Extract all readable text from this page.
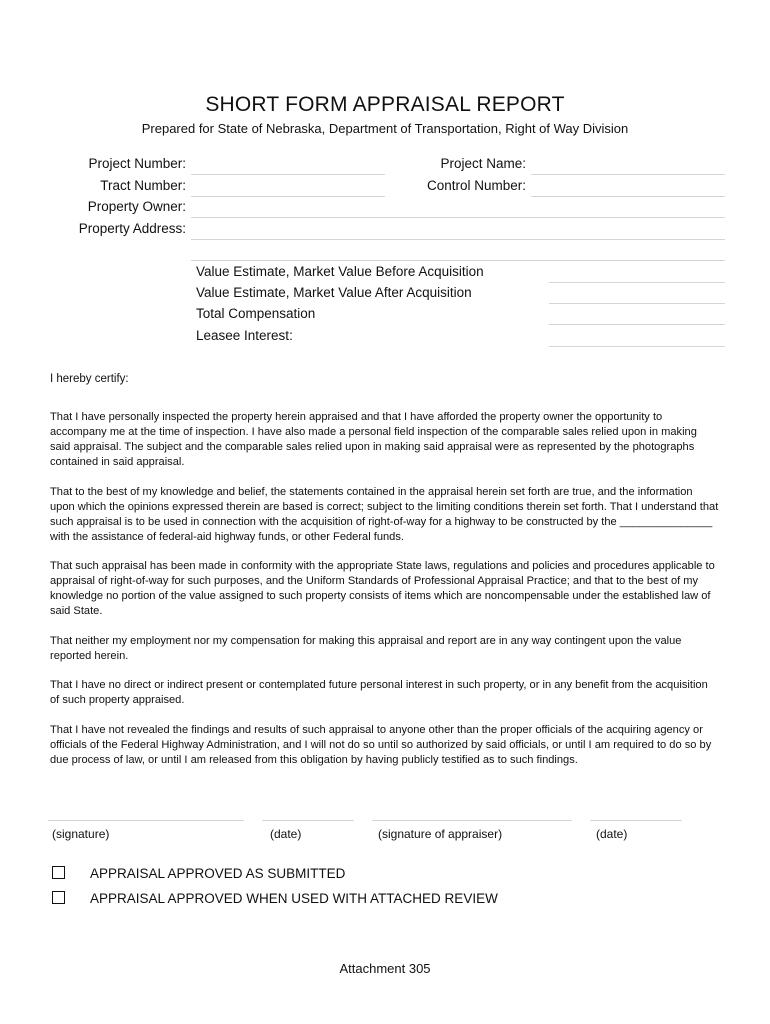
SHORT FORM APPRAISAL REPORT
Prepared for State of Nebraska, Department of Transportation, Right of Way Division
Project Number:
Tract Number:
Property Owner:
Property Address:
Project Name:
Control Number:
Value Estimate, Market Value Before Acquisition
Value Estimate, Market Value After Acquisition
Total Compensation
Leasee Interest:
I hereby certify:
That I have personally inspected the property herein appraised and that I have afforded the property owner the opportunity to accompany me at the time of inspection. I have also made a personal field inspection of the comparable sales relied upon in making said appraisal. The subject and the comparable sales relied upon in making said appraisal were as represented by the photographs contained in said appraisal.
That to the best of my knowledge and belief, the statements contained in the appraisal herein set forth are true, and the information upon which the opinions expressed therein are based is correct; subject to the limiting conditions therein set forth. That I understand that such appraisal is to be used in connection with the acquisition of right-of-way for a highway to be constructed by the _______________ with the assistance of federal-aid highway funds, or other Federal funds.
That such appraisal has been made in conformity with the appropriate State laws, regulations and policies and procedures applicable to appraisal of right-of-way for such purposes, and the Uniform Standards of Professional Appraisal Practice; and that to the best of my knowledge no portion of the value assigned to such property consists of items which are noncompensable under the established law of said State.
That neither my employment nor my compensation for making this appraisal and report are in any way contingent upon the value reported herein.
That I have no direct or indirect present or contemplated future personal interest in such property, or in any benefit from the acquisition of such property appraised.
That I have not revealed the findings and results of such appraisal to anyone other than the proper officials of the acquiring agency or officials of the Federal Highway Administration, and I will not do so until so authorized by said officials, or until I am required to do so by due process of law, or until I am released from this obligation by having publicly testified as to such findings.
(signature)	(date)	(signature of appraiser)	(date)
APPRAISAL APPROVED AS SUBMITTED
APPRAISAL APPROVED WHEN USED WITH ATTACHED REVIEW
Attachment 305
